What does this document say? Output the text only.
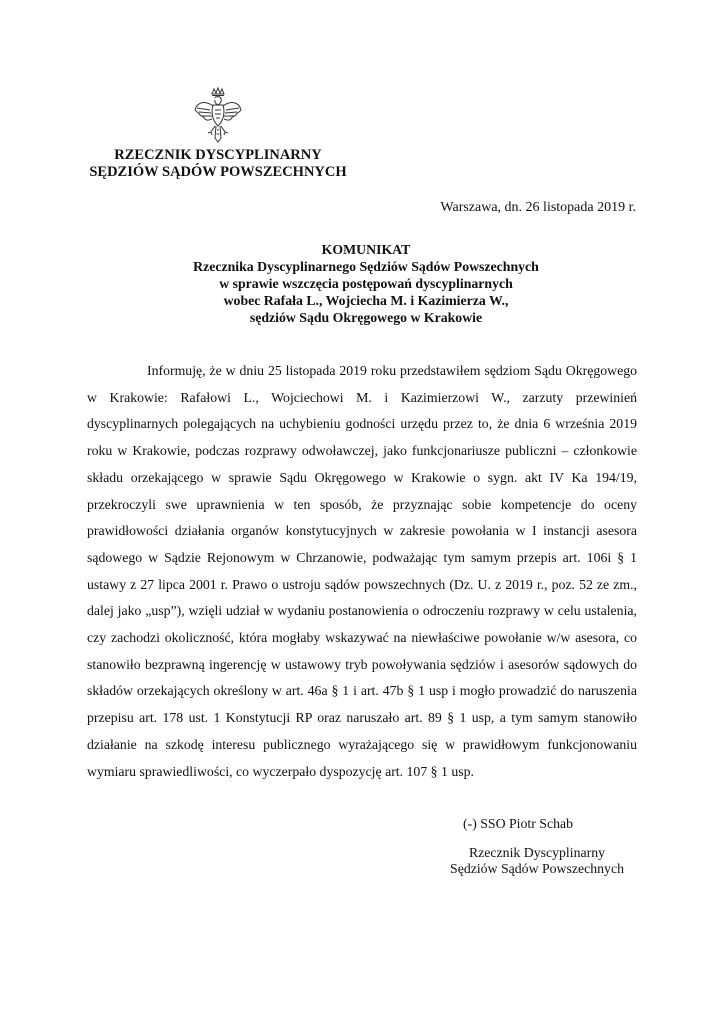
RZECZNIK DYSCYPLINARNY
SĘDZIÓW SĄDÓW POWSZECHNYCH
Warszawa, dn. 26 listopada 2019 r.
KOMUNIKAT
Rzecznika Dyscyplinarnego Sędziów Sądów Powszechnych
w sprawie wszczęcia postępowań dyscyplinarnych
wobec Rafała L., Wojciecha M. i Kazimierza W.,
sędziów Sądu Okręgowego w Krakowie

Informuję, że w dniu 25 listopada 2019 roku przedstawiłem sędziom Sądu Okręgowego w Krakowie: Rafałowi L., Wojciechowi M. i Kazimierzowi W., zarzuty przewinień dyscyplinarnych polegających na uchybieniu godności urzędu przez to, że dnia 6 września 2019 roku w Krakowie, podczas rozprawy odwoławczej, jako funkcjonariusze publiczni – członkowie składu orzekającego w sprawie Sądu Okręgowego w Krakowie o sygn. akt IV Ka 194/19, przekroczyli swe uprawnienia w ten sposób, że przyznając sobie kompetencje do oceny prawidłowości działania organów konstytucyjnych w zakresie powołania w I instancji asesora sądowego w Sądzie Rejonowym w Chrzanowie, podważając tym samym przepis art. 106i § 1 ustawy z 27 lipca 2001 r. Prawo o ustroju sądów powszechnych (Dz. U. z 2019 r., poz. 52 ze zm., dalej jako „usp”), wzięli udział w wydaniu postanowienia o odroczeniu rozprawy w celu ustalenia, czy zachodzi okoliczność, która mogłaby wskazywać na niewłaściwe powołanie w/w asesora, co stanowiło bezprawną ingerencję w ustawowy tryb powoływania sędziów i asesorów sądowych do składów orzekających określony w art. 46a § 1 i art. 47b § 1 usp i mogło prowadzić do naruszenia przepisu art. 178 ust. 1 Konstytucji RP oraz naruszało art. 89 § 1 usp, a tym samym stanowiło działanie na szkodę interesu publicznego wyrażającego się w prawidłowym funkcjonowaniu wymiaru sprawiedliwości, co wyczerpało dyspozycję art. 107 § 1 usp.

(-) SSO Piotr Schab
Rzecznik Dyscyplinarny
Sędziów Sądów Powszechnych
